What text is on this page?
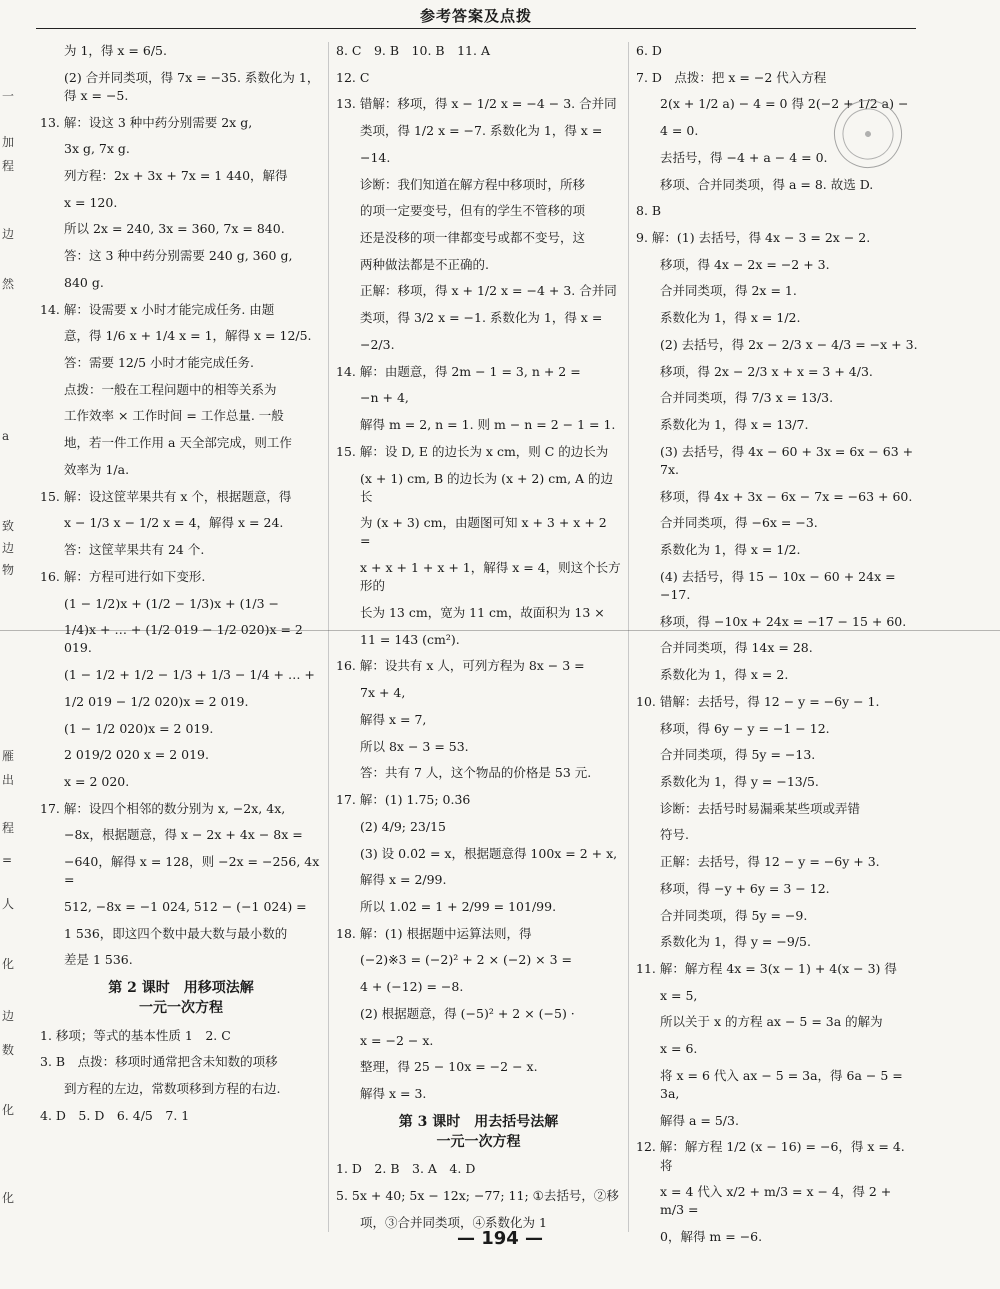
参考答案及点拨
一
加
程
边
然
a
致
边
物
雁
出
程
=
人
化
边
数
化
化
为 1，得 x = 6/5.
(2) 合并同类项，得 7x = −35. 系数化为 1，得 x = −5.
13. 解：设这 3 种中药分别需要 2x g,
3x g, 7x g.
列方程：2x + 3x + 7x = 1 440，解得
x = 120.
所以 2x = 240, 3x = 360, 7x = 840.
答：这 3 种中药分别需要 240 g, 360 g,
840 g.
14. 解：设需要 x 小时才能完成任务. 由题
意，得 1/6 x + 1/4 x = 1，解得 x = 12/5.
答：需要 12/5 小时才能完成任务.
点拨：一般在工程问题中的相等关系为
工作效率 × 工作时间 = 工作总量. 一般
地，若一件工作用 a 天全部完成，则工作
效率为 1/a.
15. 解：设这筐苹果共有 x 个，根据题意，得
x − 1/3 x − 1/2 x = 4，解得 x = 24.
答：这筐苹果共有 24 个.
16. 解：方程可进行如下变形.
(1 − 1/2)x + (1/2 − 1/3)x + (1/3 −
1/4)x + … + (1/2 019 − 1/2 020)x = 2 019.
(1 − 1/2 + 1/2 − 1/3 + 1/3 − 1/4 + … +
1/2 019 − 1/2 020)x = 2 019.
(1 − 1/2 020)x = 2 019.
2 019/2 020 x = 2 019.
x = 2 020.
17. 解：设四个相邻的数分别为 x, −2x, 4x,
−8x，根据题意，得 x − 2x + 4x − 8x =
−640，解得 x = 128，则 −2x = −256, 4x =
512, −8x = −1 024, 512 − (−1 024) =
1 536，即这四个数中最大数与最小数的
差是 1 536.
第 2 课时　用移项法解
一元一次方程
1. 移项；等式的基本性质 1　2. C
3. B　点拨：移项时通常把含未知数的项移
到方程的左边，常数项移到方程的右边.
4. D　5. D　6. 4/5　7. 1
8. C　9. B　10. B　11. A
12. C
13. 错解：移项，得 x − 1/2 x = −4 − 3. 合并同
类项，得 1/2 x = −7. 系数化为 1，得 x =
−14.
诊断：我们知道在解方程中移项时，所移
的项一定要变号，但有的学生不管移的项
还是没移的项一律都变号或都不变号，这
两种做法都是不正确的.
正解：移项，得 x + 1/2 x = −4 + 3. 合并同
类项，得 3/2 x = −1. 系数化为 1，得 x =
−2/3.
14. 解：由题意，得 2m − 1 = 3, n + 2 =
−n + 4,
解得 m = 2, n = 1. 则 m − n = 2 − 1 = 1.
15. 解：设 D, E 的边长为 x cm，则 C 的边长为
(x + 1) cm, B 的边长为 (x + 2) cm, A 的边长
为 (x + 3) cm，由题图可知 x + 3 + x + 2 =
x + x + 1 + x + 1，解得 x = 4，则这个长方形的
长为 13 cm，宽为 11 cm，故面积为 13 ×
11 = 143 (cm²).
16. 解：设共有 x 人，可列方程为 8x − 3 =
7x + 4,
解得 x = 7,
所以 8x − 3 = 53.
答：共有 7 人，这个物品的价格是 53 元.
17. 解：(1) 1.75; 0.3̇6̇
(2) 4/9; 23/15
(3) 设 0.0̇2̇ = x，根据题意得 100x = 2 + x,
解得 x = 2/99.
所以 1.0̇2̇ = 1 + 2/99 = 101/99.
18. 解：(1) 根据题中运算法则，得
(−2)※3 = (−2)² + 2 × (−2) × 3 =
4 + (−12) = −8.
(2) 根据题意，得 (−5)² + 2 × (−5) ·
x = −2 − x.
整理，得 25 − 10x = −2 − x.
解得 x = 3.
第 3 课时　用去括号法解
一元一次方程
1. D　2. B　3. A　4. D
5. 5x + 40; 5x − 12x; −77; 11; ①去括号，②移
项，③合并同类项，④系数化为 1
6. D
7. D　点拨：把 x = −2 代入方程
2(x + 1/2 a) − 4 = 0 得 2(−2 + 1/2 a) −
4 = 0.
去括号，得 −4 + a − 4 = 0.
移项、合并同类项，得 a = 8. 故选 D.
8. B
9. 解：(1) 去括号，得 4x − 3 = 2x − 2.
移项，得 4x − 2x = −2 + 3.
合并同类项，得 2x = 1.
系数化为 1，得 x = 1/2.
(2) 去括号，得 2x − 2/3 x − 4/3 = −x + 3.
移项，得 2x − 2/3 x + x = 3 + 4/3.
合并同类项，得 7/3 x = 13/3.
系数化为 1，得 x = 13/7.
(3) 去括号，得 4x − 60 + 3x = 6x − 63 + 7x.
移项，得 4x + 3x − 6x − 7x = −63 + 60.
合并同类项，得 −6x = −3.
系数化为 1，得 x = 1/2.
(4) 去括号，得 15 − 10x − 60 + 24x = −17.
移项，得 −10x + 24x = −17 − 15 + 60.
合并同类项，得 14x = 28.
系数化为 1，得 x = 2.
10. 错解：去括号，得 12 − y = −6y − 1.
移项，得 6y − y = −1 − 12.
合并同类项，得 5y = −13.
系数化为 1，得 y = −13/5.
诊断：去括号时易漏乘某些项或弄错
符号.
正解：去括号，得 12 − y = −6y + 3.
移项，得 −y + 6y = 3 − 12.
合并同类项，得 5y = −9.
系数化为 1，得 y = −9/5.
11. 解：解方程 4x = 3(x − 1) + 4(x − 3) 得
x = 5,
所以关于 x 的方程 ax − 5 = 3a 的解为
x = 6.
将 x = 6 代入 ax − 5 = 3a，得 6a − 5 = 3a,
解得 a = 5/3.
12. 解：解方程 1/2 (x − 16) = −6，得 x = 4. 将
x = 4 代入 x/2 + m/3 = x − 4，得 2 + m/3 =
0，解得 m = −6.
— 194 —
